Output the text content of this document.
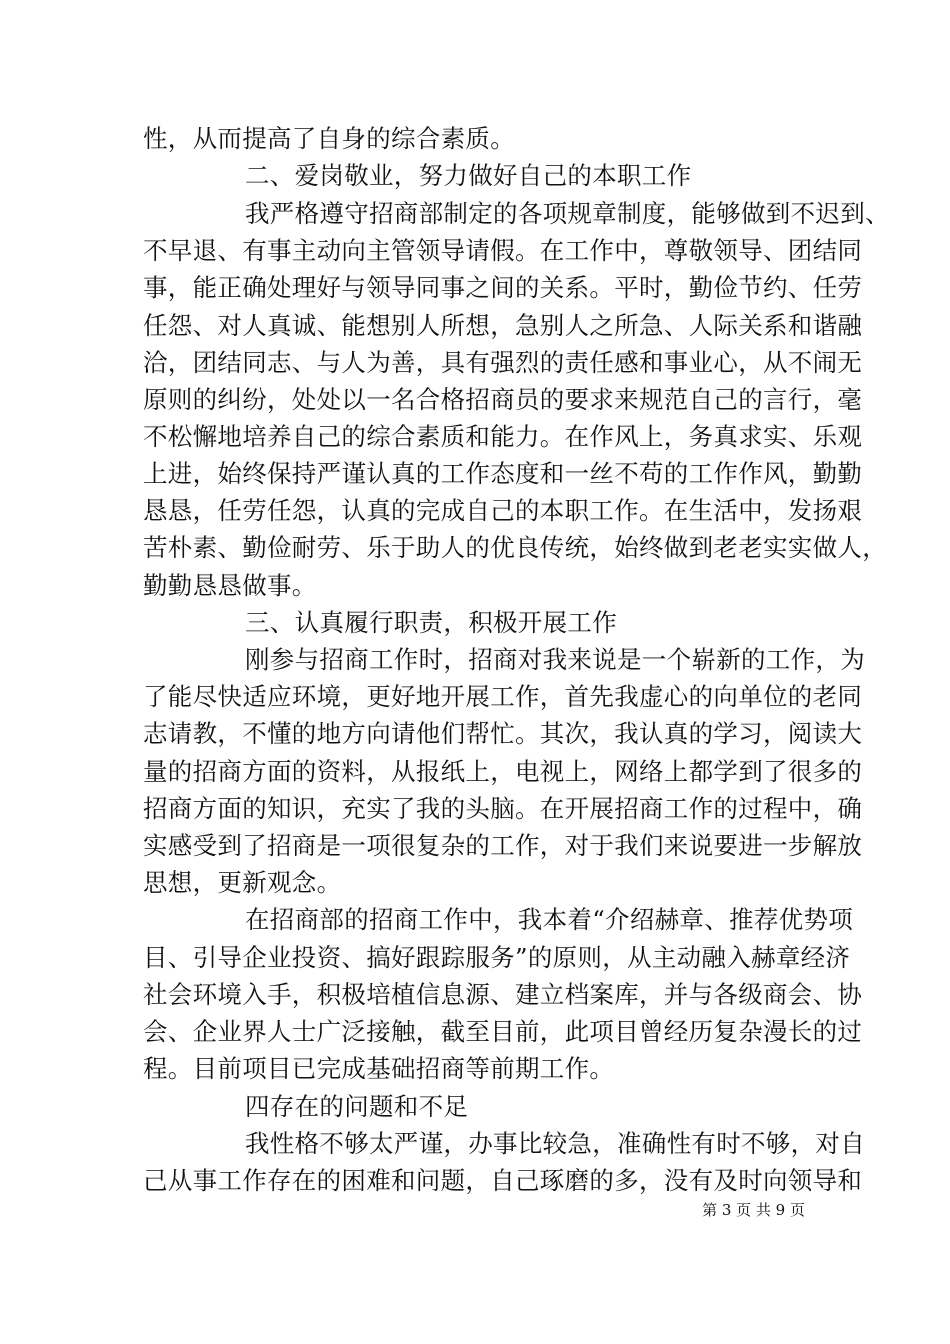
性，从而提高了自身的综合素质。
二、爱岗敬业，努力做好自己的本职工作
我严格遵守招商部制定的各项规章制度，能够做到不迟到、
不早退、有事主动向主管领导请假。在工作中，尊敬领导、团结同
事，能正确处理好与领导同事之间的关系。平时，勤俭节约、任劳
任怨、对人真诚、能想别人所想，急别人之所急、人际关系和谐融
洽，团结同志、与人为善，具有强烈的责任感和事业心，从不闹无
原则的纠纷，处处以一名合格招商员的要求来规范自己的言行，毫
不松懈地培养自己的综合素质和能力。在作风上，务真求实、乐观
上进，始终保持严谨认真的工作态度和一丝不苟的工作作风，勤勤
恳恳，任劳任怨，认真的完成自己的本职工作。在生活中，发扬艰
苦朴素、勤俭耐劳、乐于助人的优良传统，始终做到老老实实做人，
勤勤恳恳做事。
三、认真履行职责，积极开展工作
刚参与招商工作时，招商对我来说是一个崭新的工作，为
了能尽快适应环境，更好地开展工作，首先我虚心的向单位的老同
志请教，不懂的地方向请他们帮忙。其次，我认真的学习，阅读大
量的招商方面的资料，从报纸上，电视上，网络上都学到了很多的
招商方面的知识，充实了我的头脑。在开展招商工作的过程中，确
实感受到了招商是一项很复杂的工作，对于我们来说要进一步解放
思想，更新观念。
在招商部的招商工作中，我本着“介绍赫章、推荐优势项
目、引导企业投资、搞好跟踪服务”的原则，从主动融入赫章经济
社会环境入手，积极培植信息源、建立档案库，并与各级商会、协
会、企业界人士广泛接触，截至目前，此项目曾经历复杂漫长的过
程。目前项目已完成基础招商等前期工作。
四存在的问题和不足
我性格不够太严谨，办事比较急，准确性有时不够，对自
己从事工作存在的困难和问题，自己琢磨的多，没有及时向领导和
第 3 页 共 9 页
